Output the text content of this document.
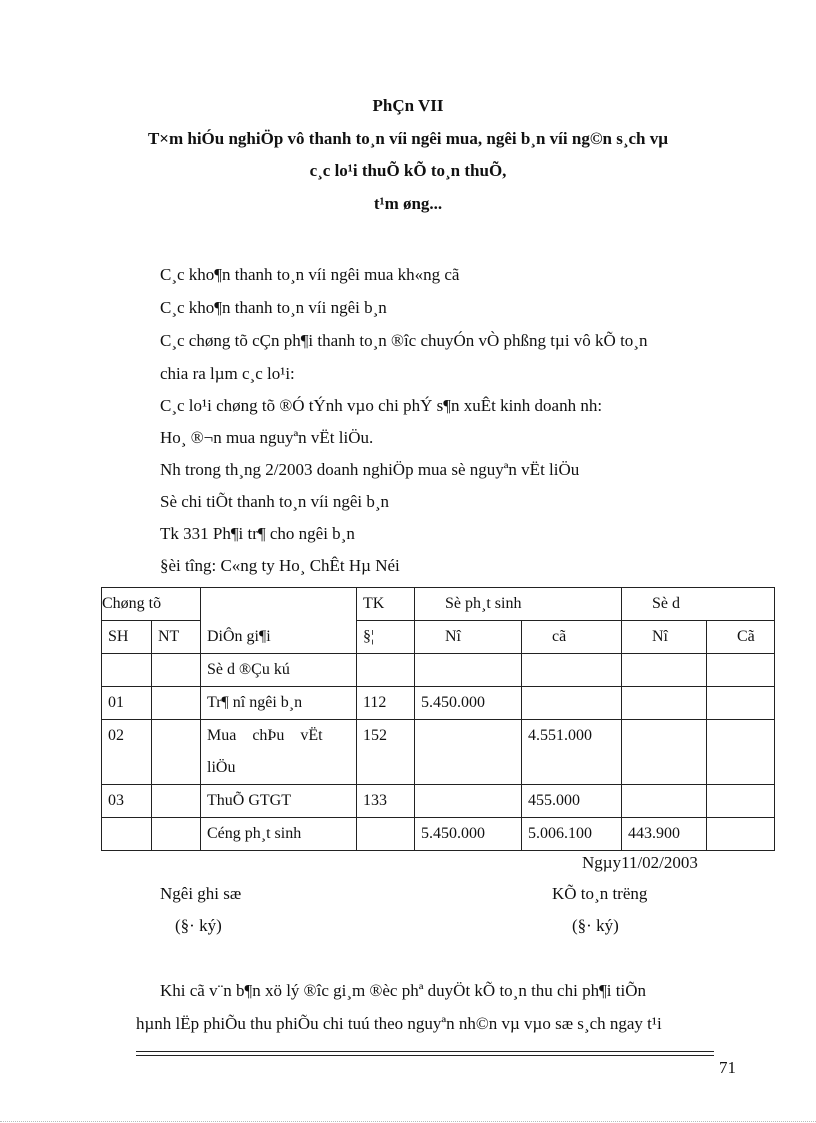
PhÇn VII
T×m hiÓu nghiÖp vô thanh to¸n víi ngêi mua, ngêi b¸n víi ng©n s¸ch vµ
c¸c lo¹i thuÕ kÕ to¸n thuÕ,
t¹m øng...
C¸c kho¶n thanh to¸n víi ngêi mua kh«ng cã
C¸c kho¶n thanh to¸n víi ngêi b¸n
C¸c chøng tõ cÇn ph¶i thanh to¸n ®îc chuyÓn vÒ phßng tµi vô kÕ to¸n
chia ra lµm c¸c lo¹i:
C¸c lo¹i chøng tõ ®Ó tÝnh vµo chi phÝ s¶n xuÊt kinh doanh nh:
Ho¸ ®¬n mua nguyªn vËt liÖu.
Nh trong th¸ng 2/2003 doanh nghiÖp mua sè nguyªn vËt liÖu
Sè chi tiÕt thanh to¸n víi ngêi b¸n
Tk 331 Ph¶i tr¶ cho ngêi b¸n
§èi tîng: C«ng ty Ho¸ ChÊt Hµ Néi
Chøng tõ		DiÔn gi¶i	TK	Sè ph¸t sinh		Sè d	
SH	NT		§¦	Nî	cã	Nî	Cã
		Sè d ®Çu kú					
01		Tr¶ nî ngêi b¸n	112	5.450.000			
02		Mua    chÞu    vËt
liÖu	152		4.551.000		
03		ThuÕ GTGT	133		455.000		
		Céng ph¸t sinh		5.450.000	5.006.100	443.900	
Ngµy11/02/2003
Ngêi ghi sæ
(§· ký)
KÕ to¸n trëng
(§· ký)
Khi cã v¨n b¶n xö lý ®îc gi¸m ®èc phª duyÖt kÕ to¸n thu chi ph¶i tiÕn
hµnh lËp phiÕu thu phiÕu chi tuú theo nguyªn nh©n vµ vµo sæ s¸ch ngay t¹i
71
